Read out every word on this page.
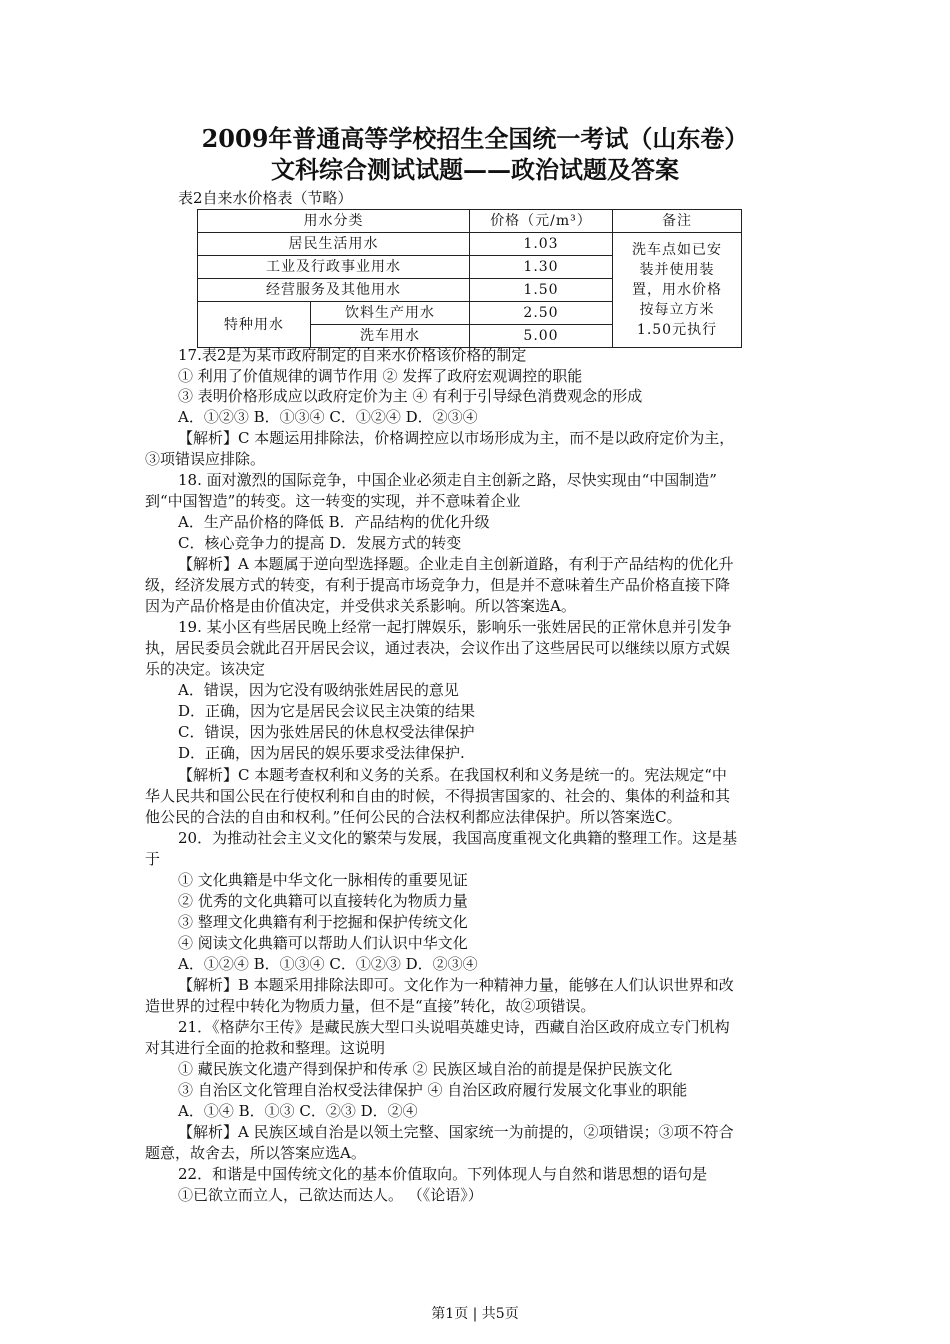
2009年普通高等学校招生全国统一考试（山东卷）
文科综合测试试题——政治试题及答案
表2自来水价格表（节略）
用水分类		价格（元/m³）	备注
居民生活用水		1.03	洗车点如已安
装并使用装
置，用水价格
按每立方米
1.50元执行

工业及行政事业用水		1.30	
经营服务及其他用水		1.50	
特种用水	饮料生产用水	2.50	
	洗车用水	5.00	
17.表2是为某市政府制定的自来水价格该价格的制定
① 利用了价值规律的调节作用 ② 发挥了政府宏观调控的职能
③ 表明价格形成应以政府定价为主 ④ 有利于引导绿色消费观念的形成
A．①②③ B．①③④ C．①②④ D．②③④
【解析】C 本题运用排除法，价格调控应以市场形成为主，而不是以政府定价为主，
③项错误应排除。
18. 面对激烈的国际竞争，中国企业必须走自主创新之路，尽快实现由“中国制造”
到“中国智造”的转变。这一转变的实现，并不意味着企业
A．生产品价格的降低 B．产品结构的优化升级
C．核心竞争力的提高 D．发展方式的转变
【解析】A 本题属于逆向型选择题。企业走自主创新道路，有利于产品结构的优化升
级，经济发展方式的转变，有利于提高市场竞争力，但是并不意味着生产品价格直接下降
因为产品价格是由价值决定，并受供求关系影响。所以答案选A。
19. 某小区有些居民晚上经常一起打牌娱乐，影响乐一张姓居民的正常休息并引发争
执，居民委员会就此召开居民会议，通过表决，会议作出了这些居民可以继续以原方式娱
乐的决定。该决定
A．错误，因为它没有吸纳张姓居民的意见
D．正确，因为它是居民会议民主决策的结果
C．错误，因为张姓居民的休息权受法律保护
D．正确，因为居民的娱乐要求受法律保护.
【解析】C 本题考查权利和义务的关系。在我国权利和义务是统一的。宪法规定“中
华人民共和国公民在行使权利和自由的时候，不得损害国家的、社会的、集体的利益和其
他公民的合法的自由和权利。”任何公民的合法权利都应法律保护。所以答案选C。
20．为推动社会主义文化的繁荣与发展，我国高度重视文化典籍的整理工作。这是基
于
① 文化典籍是中华文化一脉相传的重要见证
② 优秀的文化典籍可以直接转化为物质力量
③ 整理文化典籍有利于挖掘和保护传统文化
④ 阅读文化典籍可以帮助人们认识中华文化
A．①②④ B．①③④ C．①②③ D．②③④
【解析】B 本题采用排除法即可。文化作为一种精神力量，能够在人们认识世界和改
造世界的过程中转化为物质力量，但不是“直接”转化，故②项错误。
21．《格萨尔王传》是藏民族大型口头说唱英雄史诗，西藏自治区政府成立专门机构
对其进行全面的抢救和整理。这说明
① 藏民族文化遗产得到保护和传承 ② 民族区域自治的前提是保护民族文化
③ 自治区文化管理自治权受法律保护 ④ 自治区政府履行发展文化事业的职能
A．①④ B．①③ C．②③ D．②④
【解析】A 民族区域自治是以领土完整、国家统一为前提的，②项错误；③项不符合
题意，故舍去，所以答案应选A。
22．和谐是中国传统文化的基本价值取向。下列体现人与自然和谐思想的语句是
①已欲立而立人，己欲达而达人。 （《论语》）
第1页 | 共5页
